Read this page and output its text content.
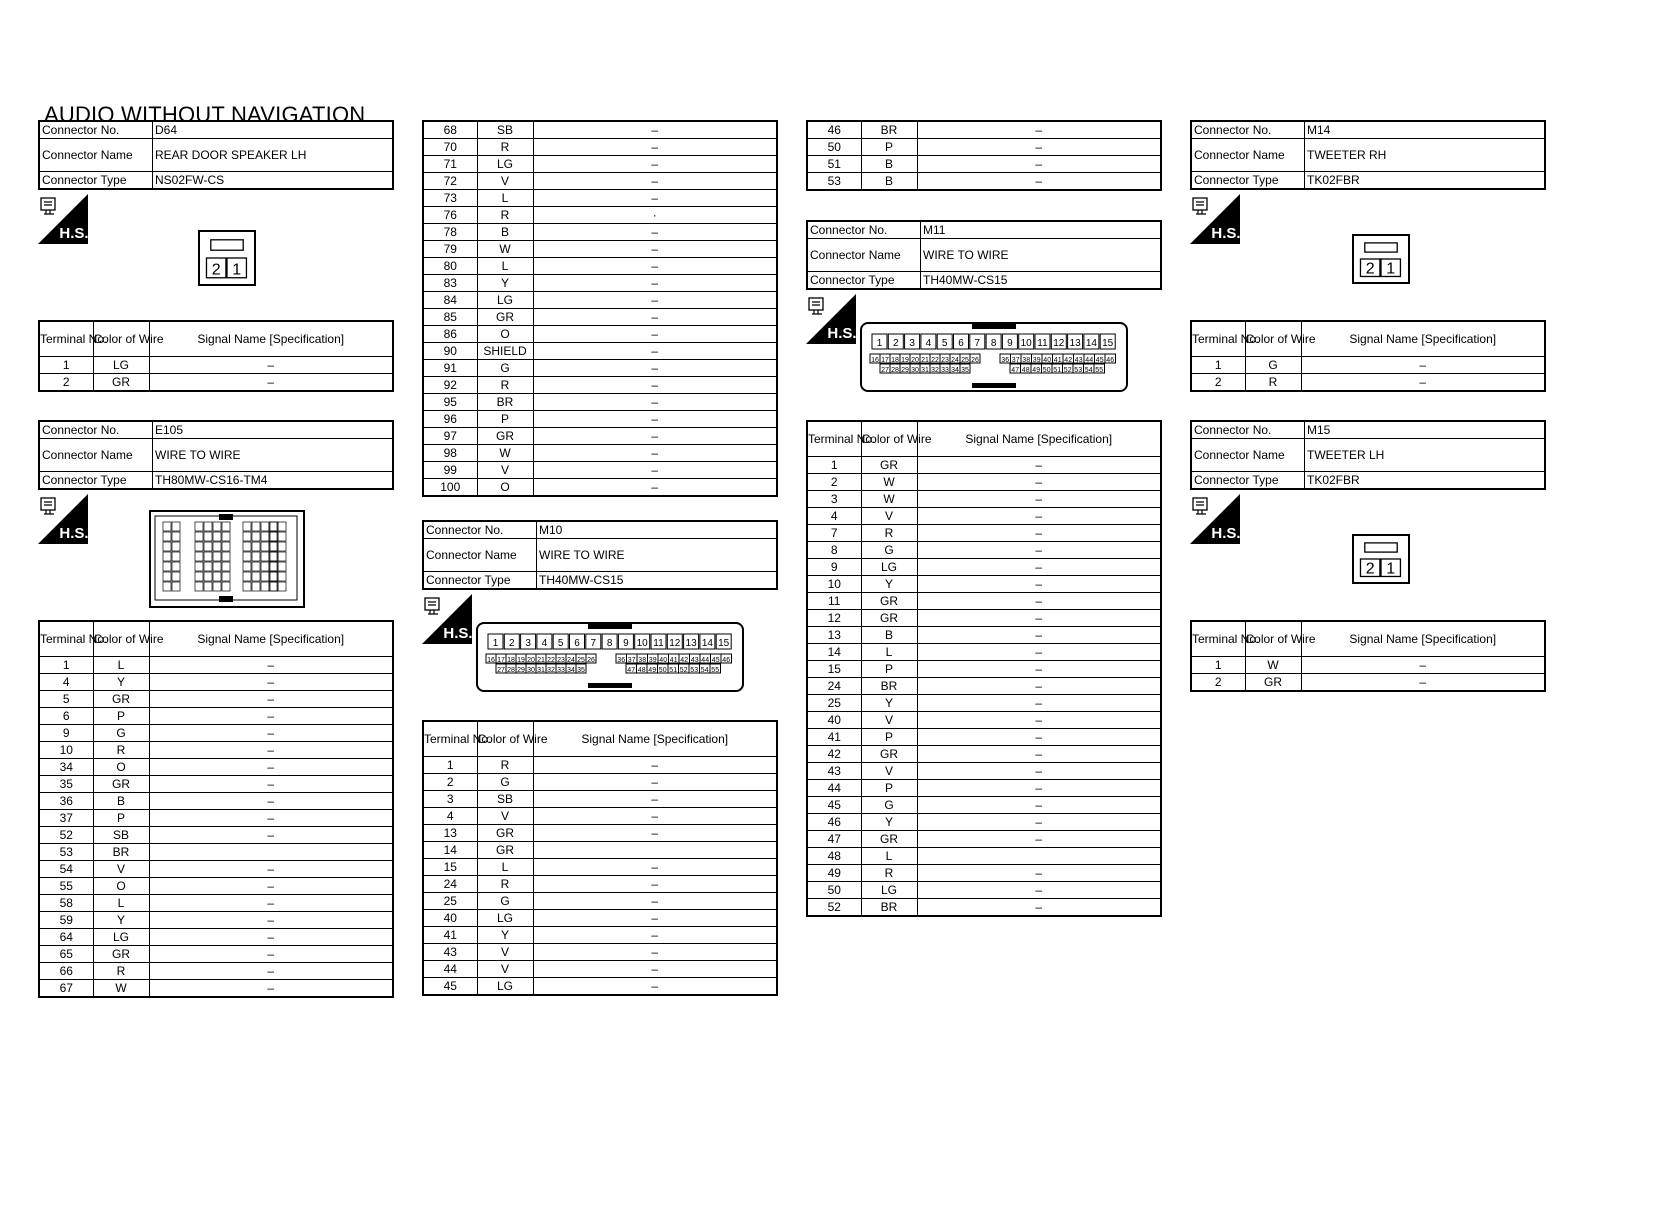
AUDIO WITHOUT NAVIGATION
Connector No.	D64
Connector Name	REAR DOOR SPEAKER LH
Connector Type	NS02FW-CS
H.S.
2 1
Terminal No.	Color of Wire	Signal Name [Specification]
1	LG	–
2	GR	–
Connector No.	E105
Connector Name	WIRE TO WIRE
Connector Type	TH80MW-CS16-TM4
H.S.
Terminal No.	Color of Wire	Signal Name [Specification]
1	L	–
4	Y	–
5	GR	–
6	P	–
9	G	–
10	R	–
34	O	–
35	GR	–
36	B	–
37	P	–
52	SB	–
53	BR	
54	V	–
55	O	–
58	L	–
59	Y	–
64	LG	–
65	GR	–
66	R	–
67	W	–
68	SB	–
70	R	–
71	LG	–
72	V	–
73	L	–
76	R	·
78	B	–
79	W	–
80	L	–
83	Y	–
84	LG	–
85	GR	–
86	O	–
90	SHIELD	–
91	G	–
92	R	–
95	BR	–
96	P	–
97	GR	–
98	W	–
99	V	–
100	O	–
Connector No.	M10
Connector Name	WIRE TO WIRE
Connector Type	TH40MW-CS15
H.S.
1 2 3 4 5 6 7 8 9 10 11 12 13 14 15
16 17 18 19 20 21 22 23 24 25 26	36 37 38 39 40 41 42 43 44 45 46
27 28 29 30 31 32 33 34 35	47 48 49 50 51 52 53 54 55
Terminal No.	Color of Wire	Signal Name [Specification]
1	R	–
2	G	–
3	SB	–
4	V	–
13	GR	–
14	GR	
15	L	–
24	R	–
25	G	–
40	LG	–
41	Y	–
43	V	–
44	V	–
45	LG	–
46	BR	–
50	P	–
51	B	–
53	B	–
Connector No.	M11
Connector Name	WIRE TO WIRE
Connector Type	TH40MW-CS15
H.S.
1 2 3 4 5 6 7 8 9 10 11 12 13 14 15
16 17 18 19 20 21 22 23 24 25 26	36 37 38 39 40 41 42 43 44 45 46
27 28 29 30 31 32 33 34 35	47 48 49 50 51 52 53 54 55
Terminal No.	Color of Wire	Signal Name [Specification]
1	GR	–
2	W	–
3	W	–
4	V	–
7	R	–
8	G	–
9	LG	–
10	Y	–
11	GR	–
12	GR	–
13	B	–
14	L	–
15	P	–
24	BR	–
25	Y	–
40	V	–
41	P	–
42	GR	–
43	V	–
44	P	–
45	G	–
46	Y	–
47	GR	–
48	L	
49	R	–
50	LG	–
52	BR	–
Connector No.	M14
Connector Name	TWEETER RH
Connector Type	TK02FBR
H.S.
2 1
Terminal No.	Color of Wire	Signal Name [Specification]
1	G	–
2	R	–
Connector No.	M15
Connector Name	TWEETER LH
Connector Type	TK02FBR
H.S.
2 1
Terminal No.	Color of Wire	Signal Name [Specification]
1	W	–
2	GR	–
